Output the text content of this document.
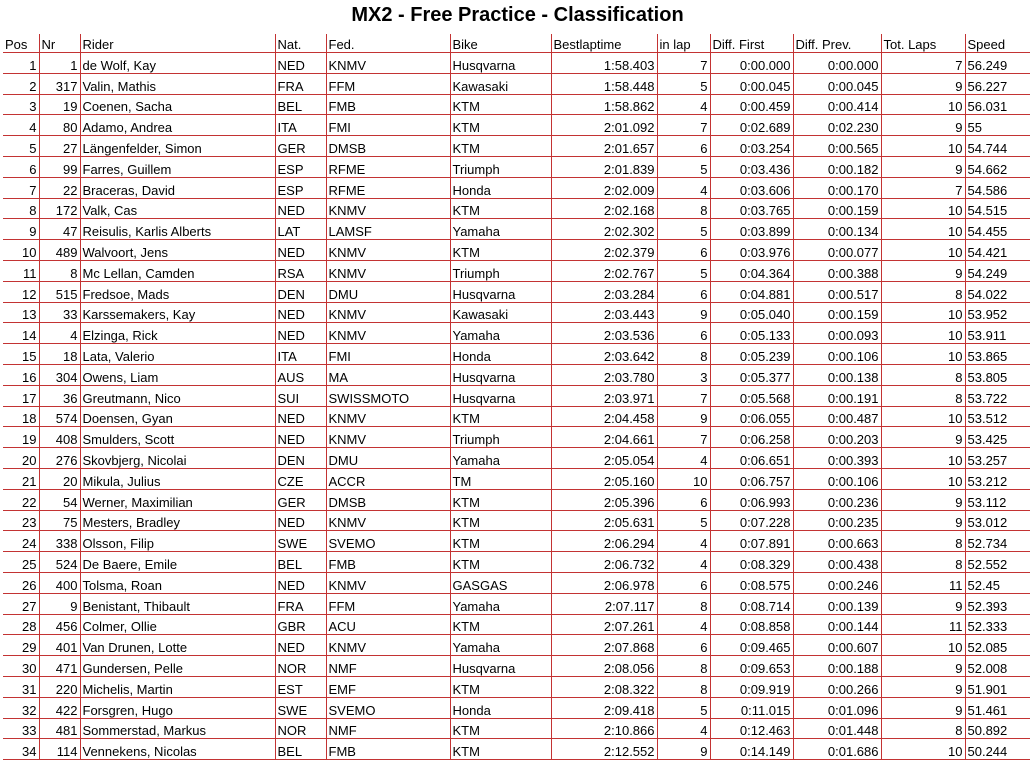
MX2 - Free Practice - Classification
Pos	Nr	Rider	Nat.	Fed.	Bike	Bestlaptime	in lap	Diff. First	Diff. Prev.	Tot. Laps	Speed
1	1	de Wolf, Kay	NED	KNMV	Husqvarna	1:58.403	7	0:00.000	0:00.000	7	56.249
2	317	Valin, Mathis	FRA	FFM	Kawasaki	1:58.448	5	0:00.045	0:00.045	9	56.227
3	19	Coenen, Sacha	BEL	FMB	KTM	1:58.862	4	0:00.459	0:00.414	10	56.031
4	80	Adamo, Andrea	ITA	FMI	KTM	2:01.092	7	0:02.689	0:02.230	9	55
5	27	Längenfelder, Simon	GER	DMSB	KTM	2:01.657	6	0:03.254	0:00.565	10	54.744
6	99	Farres, Guillem	ESP	RFME	Triumph	2:01.839	5	0:03.436	0:00.182	9	54.662
7	22	Braceras, David	ESP	RFME	Honda	2:02.009	4	0:03.606	0:00.170	7	54.586
8	172	Valk, Cas	NED	KNMV	KTM	2:02.168	8	0:03.765	0:00.159	10	54.515
9	47	Reisulis, Karlis Alberts	LAT	LAMSF	Yamaha	2:02.302	5	0:03.899	0:00.134	10	54.455
10	489	Walvoort, Jens	NED	KNMV	KTM	2:02.379	6	0:03.976	0:00.077	10	54.421
11	8	Mc Lellan, Camden	RSA	KNMV	Triumph	2:02.767	5	0:04.364	0:00.388	9	54.249
12	515	Fredsoe, Mads	DEN	DMU	Husqvarna	2:03.284	6	0:04.881	0:00.517	8	54.022
13	33	Karssemakers, Kay	NED	KNMV	Kawasaki	2:03.443	9	0:05.040	0:00.159	10	53.952
14	4	Elzinga, Rick	NED	KNMV	Yamaha	2:03.536	6	0:05.133	0:00.093	10	53.911
15	18	Lata, Valerio	ITA	FMI	Honda	2:03.642	8	0:05.239	0:00.106	10	53.865
16	304	Owens, Liam	AUS	MA	Husqvarna	2:03.780	3	0:05.377	0:00.138	8	53.805
17	36	Greutmann, Nico	SUI	SWISSMOTO	Husqvarna	2:03.971	7	0:05.568	0:00.191	8	53.722
18	574	Doensen, Gyan	NED	KNMV	KTM	2:04.458	9	0:06.055	0:00.487	10	53.512
19	408	Smulders, Scott	NED	KNMV	Triumph	2:04.661	7	0:06.258	0:00.203	9	53.425
20	276	Skovbjerg, Nicolai	DEN	DMU	Yamaha	2:05.054	4	0:06.651	0:00.393	10	53.257
21	20	Mikula, Julius	CZE	ACCR	TM	2:05.160	10	0:06.757	0:00.106	10	53.212
22	54	Werner, Maximilian	GER	DMSB	KTM	2:05.396	6	0:06.993	0:00.236	9	53.112
23	75	Mesters, Bradley	NED	KNMV	KTM	2:05.631	5	0:07.228	0:00.235	9	53.012
24	338	Olsson, Filip	SWE	SVEMO	KTM	2:06.294	4	0:07.891	0:00.663	8	52.734
25	524	De Baere, Emile	BEL	FMB	KTM	2:06.732	4	0:08.329	0:00.438	8	52.552
26	400	Tolsma, Roan	NED	KNMV	GASGAS	2:06.978	6	0:08.575	0:00.246	11	52.45
27	9	Benistant, Thibault	FRA	FFM	Yamaha	2:07.117	8	0:08.714	0:00.139	9	52.393
28	456	Colmer, Ollie	GBR	ACU	KTM	2:07.261	4	0:08.858	0:00.144	11	52.333
29	401	Van Drunen, Lotte	NED	KNMV	Yamaha	2:07.868	6	0:09.465	0:00.607	10	52.085
30	471	Gundersen, Pelle	NOR	NMF	Husqvarna	2:08.056	8	0:09.653	0:00.188	9	52.008
31	220	Michelis, Martin	EST	EMF	KTM	2:08.322	8	0:09.919	0:00.266	9	51.901
32	422	Forsgren, Hugo	SWE	SVEMO	Honda	2:09.418	5	0:11.015	0:01.096	9	51.461
33	481	Sommerstad, Markus	NOR	NMF	KTM	2:10.866	4	0:12.463	0:01.448	8	50.892
34	114	Vennekens, Nicolas	BEL	FMB	KTM	2:12.552	9	0:14.149	0:01.686	10	50.244
